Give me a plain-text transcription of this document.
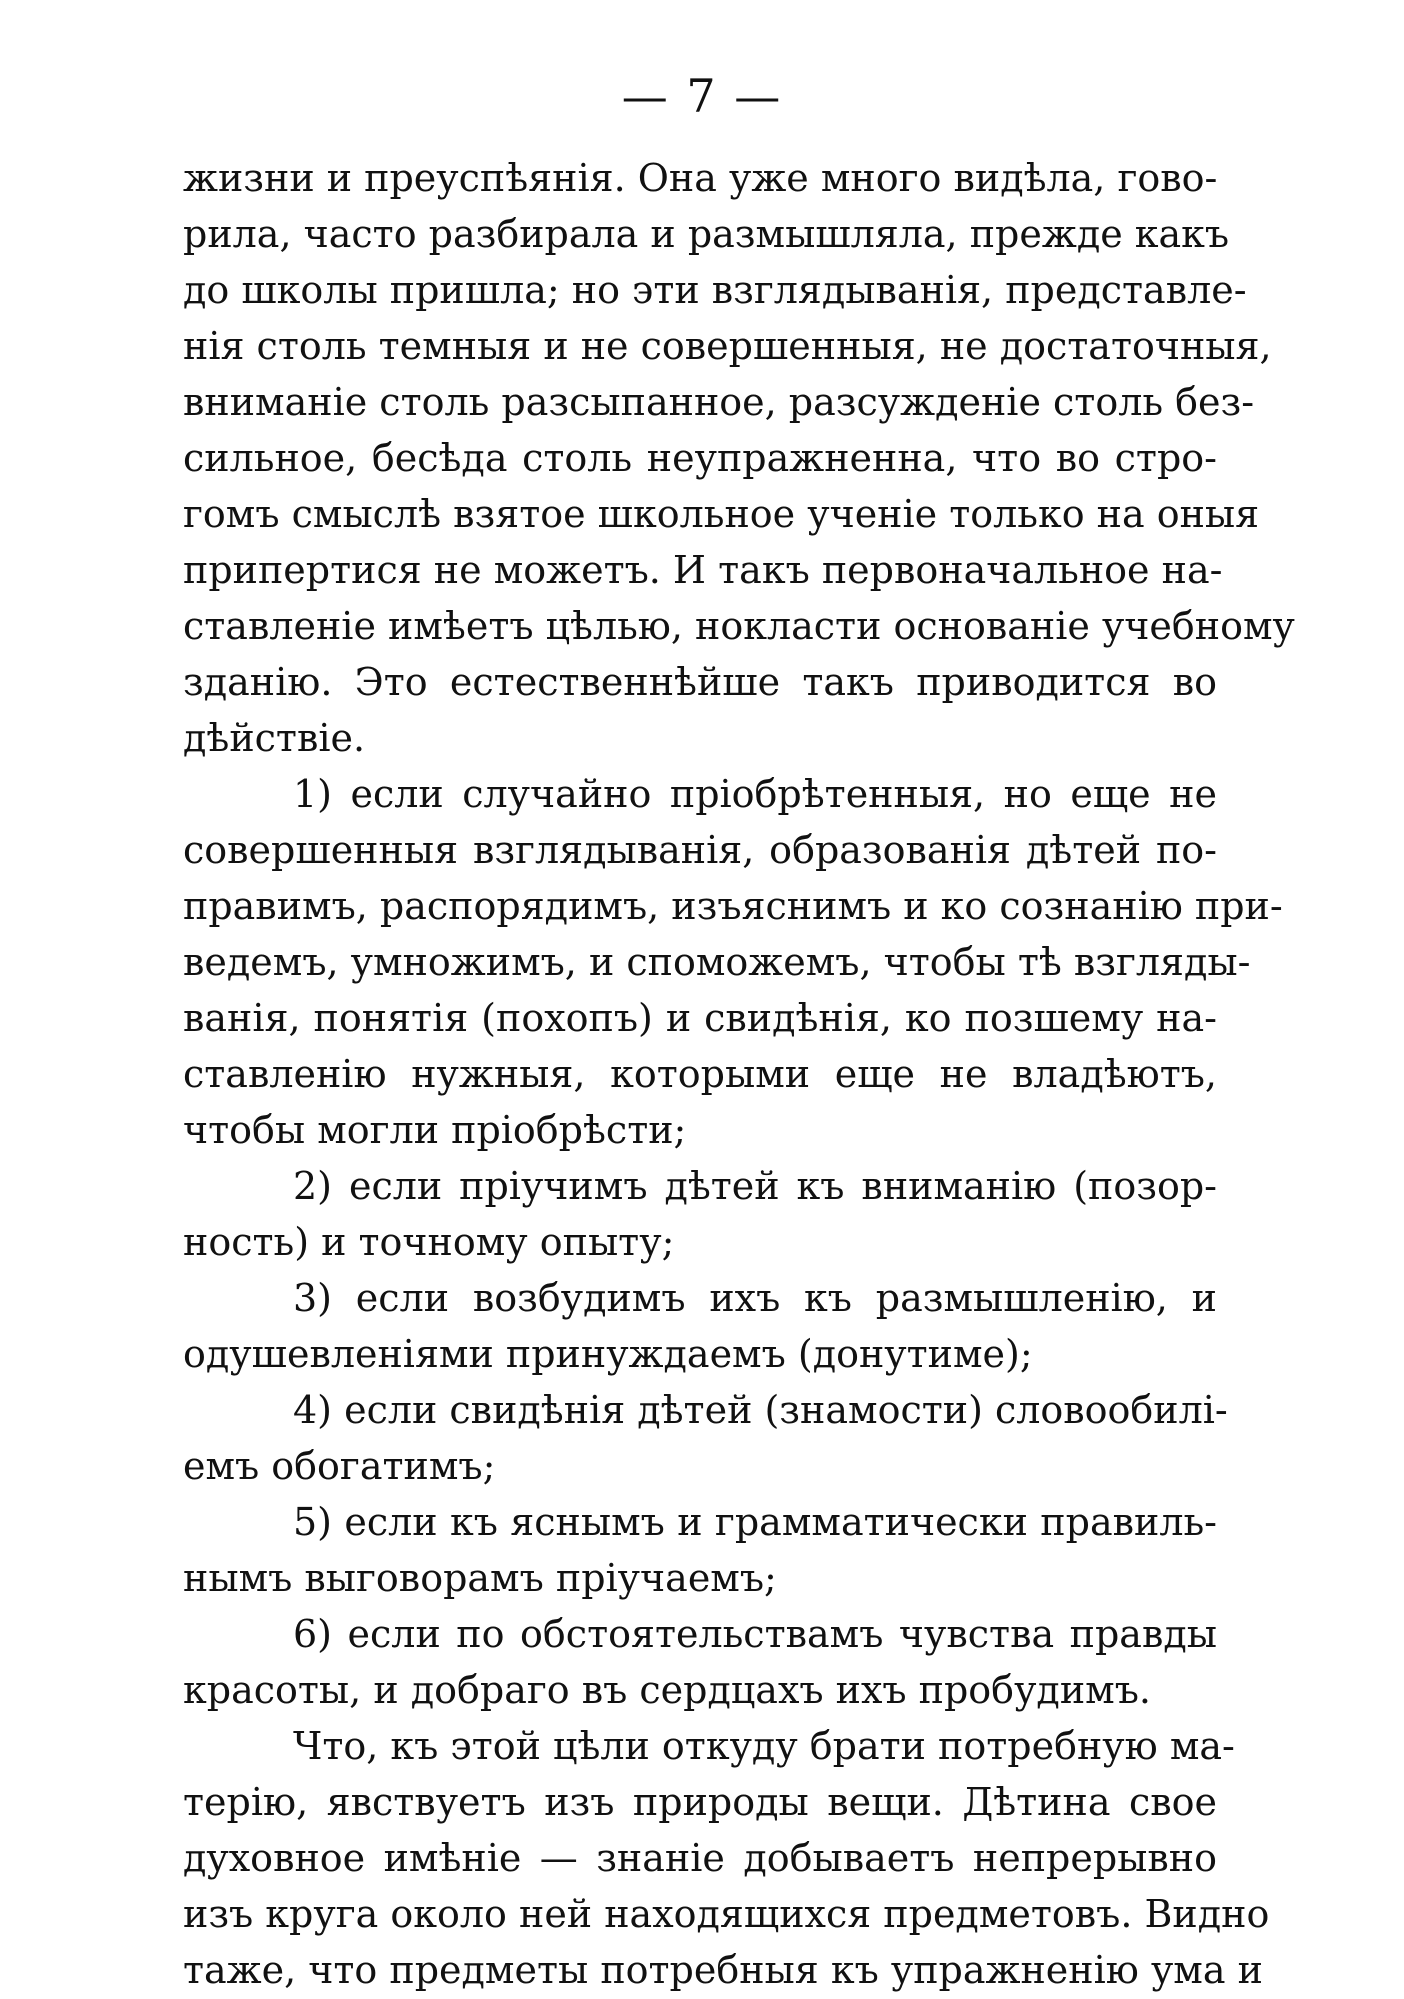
— 7 —
жизни и преуспѣянія. Она уже много видѣла, гово-
рила, часто разбирала и размышляла, прежде какъ
до школы пришла; но эти взглядыванія, представле-
нія столь темныя и не совершенныя, не достаточныя,
вниманіе столь разсыпанное, разсужденіе столь без-
сильное, бесѣда столь неупражненна, что во стро-
гомъ смыслѣ взятое школьное ученіе только на оныя
припертися не можетъ. И такъ первоначальное на-
ставленіе имѣетъ цѣлью, нокласти основаніе учебному
зданію. Это естественнѣйше такъ приводится во
дѣйствіе.
1) если случайно пріобрѣтенныя, но еще не
совершенныя взглядыванія, образованія дѣтей по-
правимъ, распорядимъ, изъяснимъ и ко сознанію при-
ведемъ, умножимъ, и споможемъ, чтобы тѣ взгляды-
ванія, понятія (похопъ) и свидѣнія, ко позшему на-
ставленію нужныя, которыми еще не владѣютъ,
чтобы могли пріобрѣсти;
2) если пріучимъ дѣтей къ вниманію (позор-
ность) и точному опыту;
3) если возбудимъ ихъ къ размышленію, и
одушевленіями принуждаемъ (донутиме);
4) если свидѣнія дѣтей (знамости) словообилі-
емъ обогатимъ;
5) если къ яснымъ и грамматически правиль-
нымъ выговорамъ пріучаемъ;
6) если по обстоятельствамъ чувства правды
красоты, и добраго въ сердцахъ ихъ пробудимъ.
Что, къ этой цѣли откуду брати потребную ма-
терію, явствуетъ изъ природы вещи. Дѣтина свое
духовное имѣніе — знаніе добываетъ непрерывно
изъ круга около ней находящихся предметовъ. Видно
таже, что предметы потребныя къ упражненію ума и
